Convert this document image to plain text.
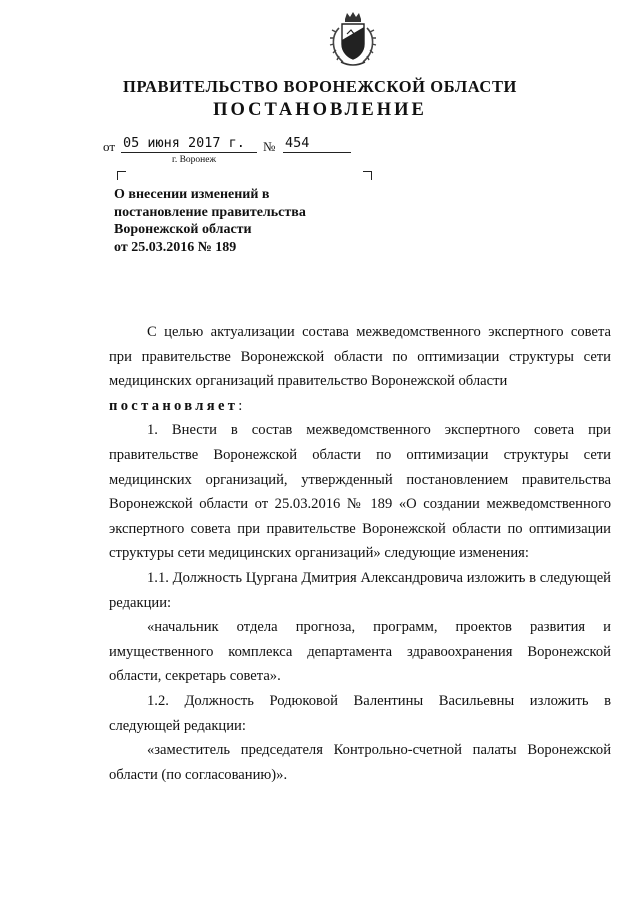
ПРАВИТЕЛЬСТВО ВОРОНЕЖСКОЙ ОБЛАСТИ
ПОСТАНОВЛЕНИЕ
от 05 июня 2017 г.	№ 454
г. Воронеж
О внесении изменений в
постановление правительства
Воронежской области
от 25.03.2016 № 189

С целью актуализации состава межведомственного экспертного совета при правительстве Воронежской области по оптимизации структуры сети медицинских организаций правительство Воронежской области

постановляет:

1. Внести в состав межведомственного экспертного совета при правительстве Воронежской области по оптимизации структуры сети медицинских организаций, утвержденный постановлением правительства Воронежской области от 25.03.2016 № 189 «О создании межведомственного экспертного совета при правительстве Воронежской области по оптимизации структуры сети медицинских организаций» следующие изменения:

1.1. Должность Цургана Дмитрия Александровича изложить в следующей редакции:

«начальник отдела прогноза, программ, проектов развития и имущественного комплекса департамента здравоохранения Воронежской области, секретарь совета».

1.2. Должность Родюковой Валентины Васильевны изложить в следующей редакции:

«заместитель председателя Контрольно-счетной палаты Воронежской области (по согласованию)».
